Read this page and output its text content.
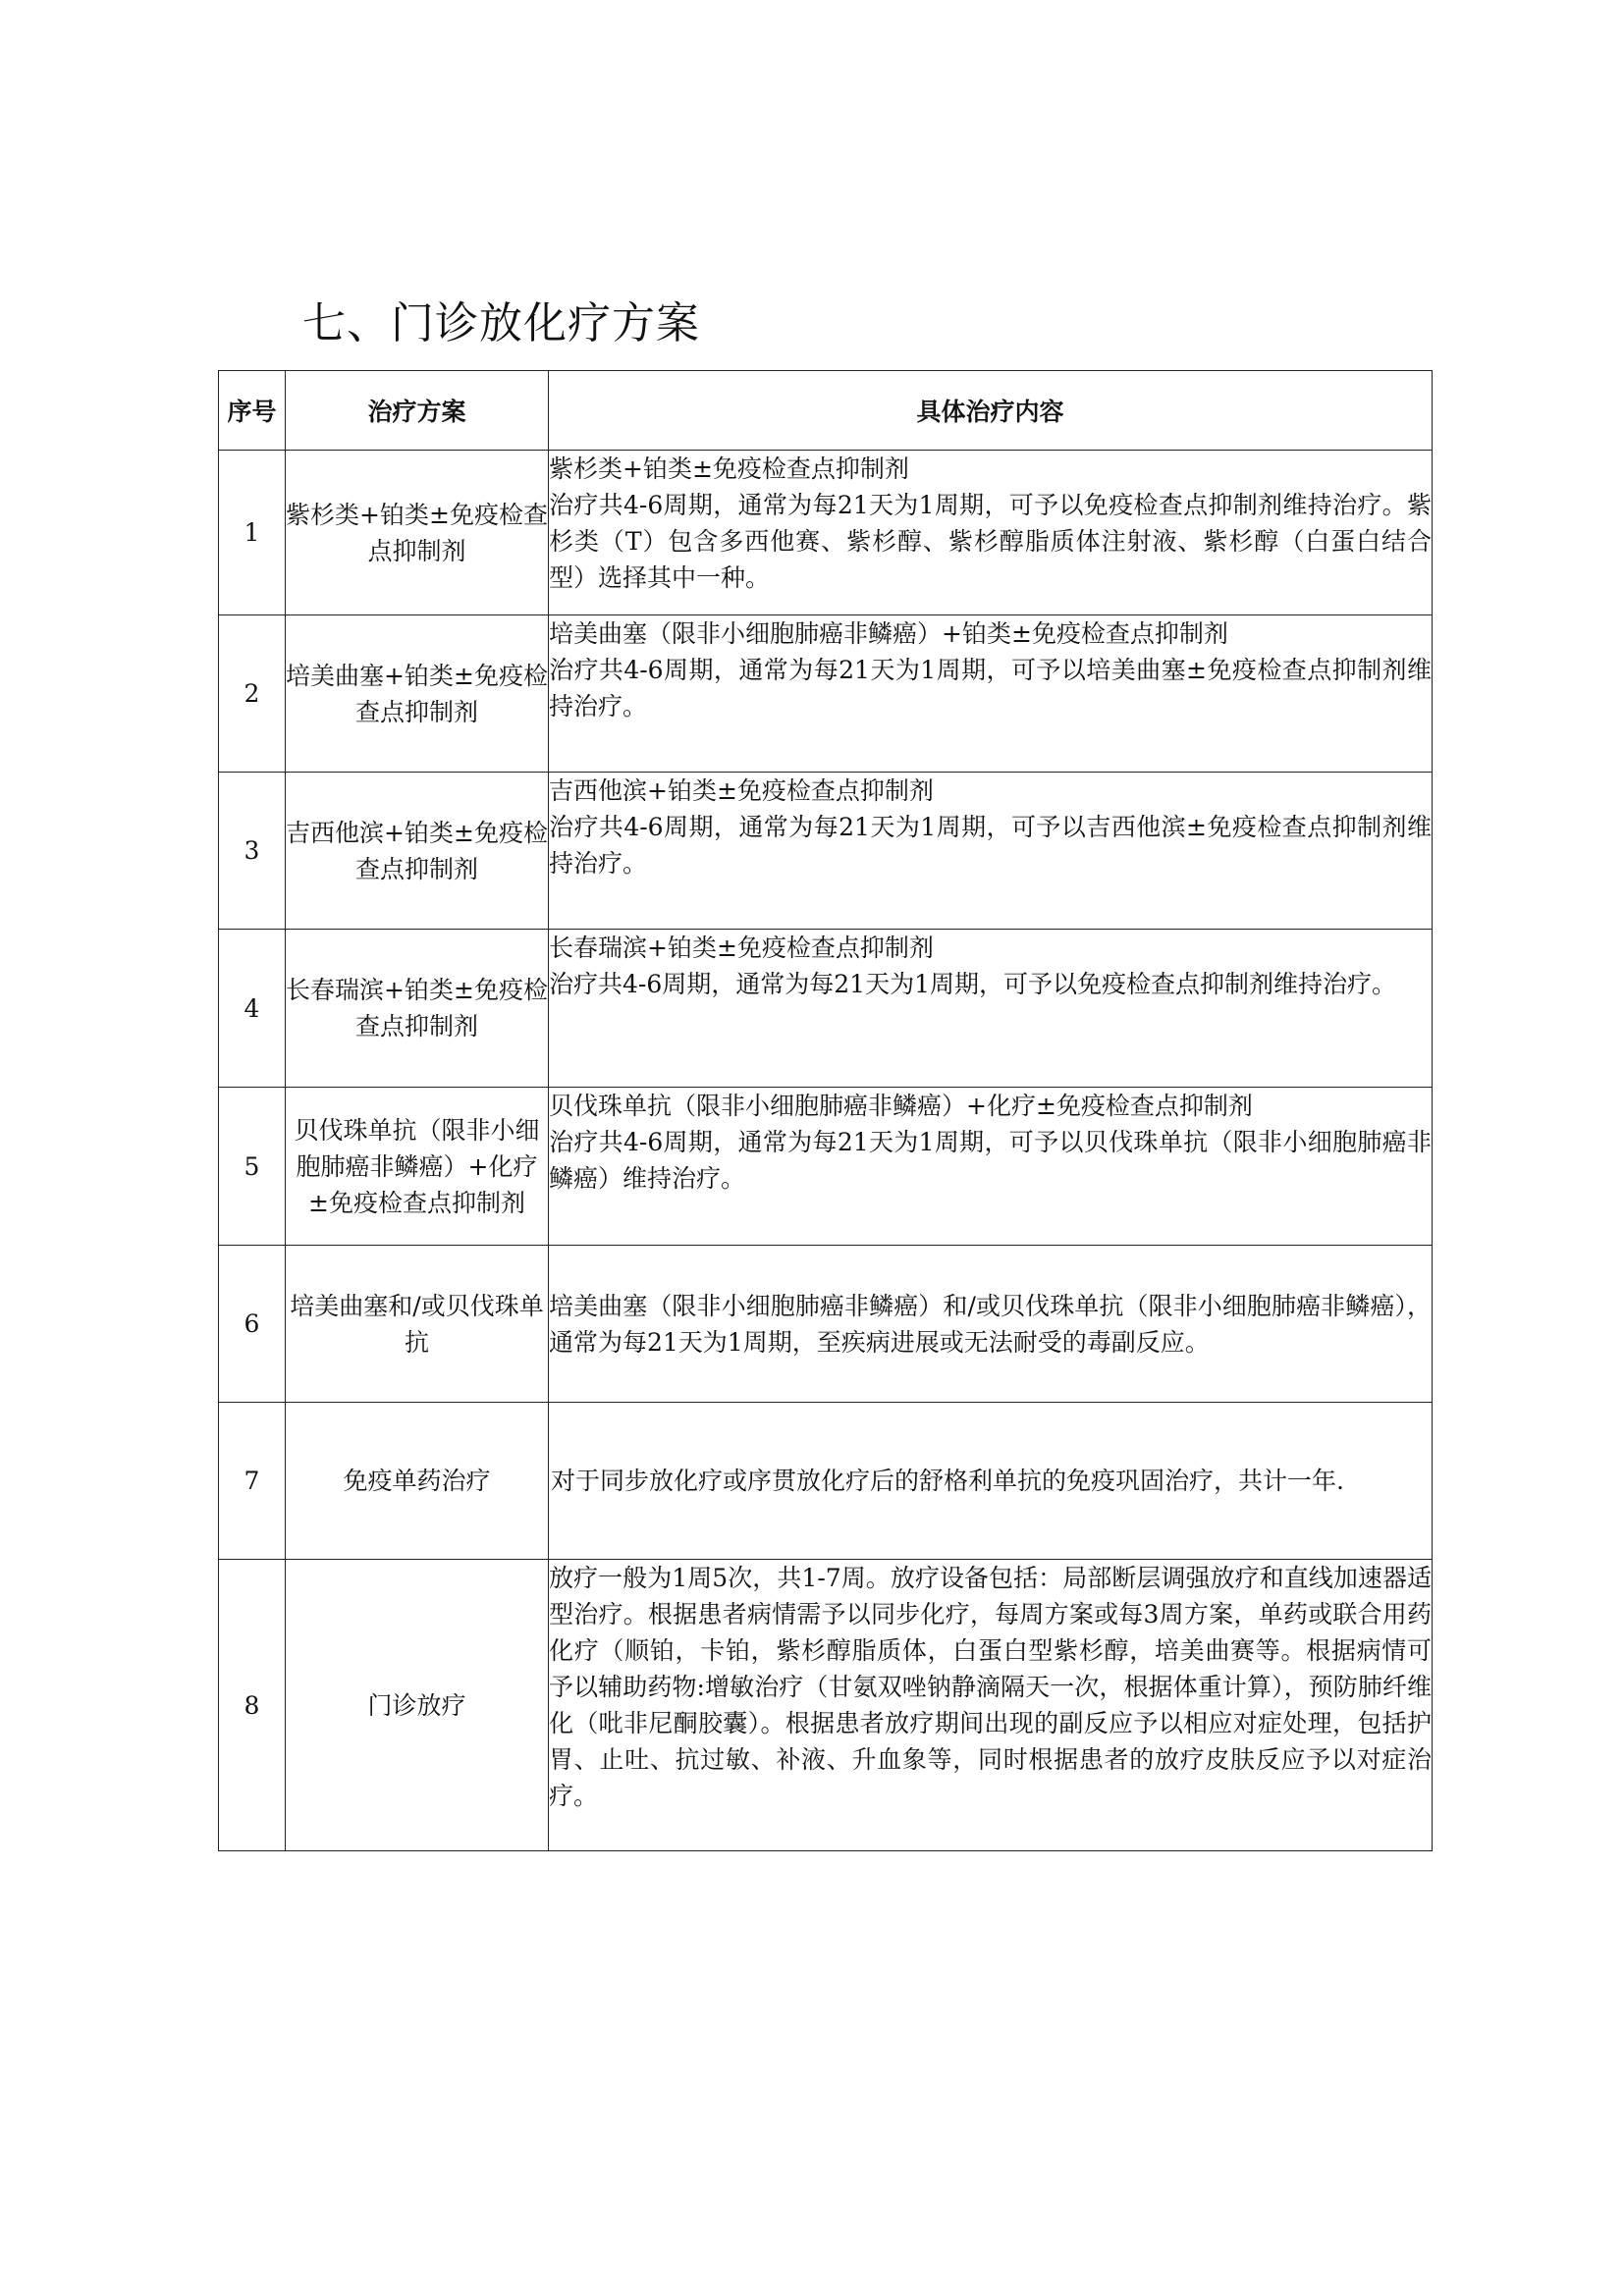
七、门诊放化疗方案
序号	治疗方案	具体治疗内容
1	紫杉类+铂类±免疫检查点抑制剂	紫杉类+铂类±免疫检查点抑制剂
治疗共4-6周期，通常为每21天为1周期，可予以免疫检查点抑制剂维持治疗。紫杉类（T）包含多西他赛、紫杉醇、紫杉醇脂质体注射液、紫杉醇（白蛋白结合型）选择其中一种。

2	培美曲塞+铂类±免疫检查点抑制剂	培美曲塞（限非小细胞肺癌非鳞癌）+铂类±免疫检查点抑制剂
治疗共4-6周期，通常为每21天为1周期，可予以培美曲塞±免疫检查点抑制剂维持治疗。

3	吉西他滨+铂类±免疫检查点抑制剂	吉西他滨+铂类±免疫检查点抑制剂
治疗共4-6周期，通常为每21天为1周期，可予以吉西他滨±免疫检查点抑制剂维持治疗。

4	长春瑞滨+铂类±免疫检查点抑制剂	长春瑞滨+铂类±免疫检查点抑制剂
治疗共4-6周期，通常为每21天为1周期，可予以免疫检查点抑制剂维持治疗。

5	贝伐珠单抗（限非小细胞肺癌非鳞癌）+化疗±免疫检查点抑制剂	贝伐珠单抗（限非小细胞肺癌非鳞癌）+化疗±免疫检查点抑制剂
治疗共4-6周期，通常为每21天为1周期，可予以贝伐珠单抗（限非小细胞肺癌非鳞癌）维持治疗。

6	培美曲塞和/或贝伐珠单抗	培美曲塞（限非小细胞肺癌非鳞癌）和/或贝伐珠单抗（限非小细胞肺癌非鳞癌），通常为每21天为1周期，至疾病进展或无法耐受的毒副反应。

7	免疫单药治疗	对于同步放化疗或序贯放化疗后的舒格利单抗的免疫巩固治疗，共计一年.

8	门诊放疗	放疗一般为1周5次，共1-7周。放疗设备包括：局部断层调强放疗和直线加速器适型治疗。根据患者病情需予以同步化疗，每周方案或每3周方案，单药或联合用药化疗（顺铂，卡铂，紫杉醇脂质体，白蛋白型紫杉醇，培美曲赛等。根据病情可予以辅助药物:增敏治疗（甘氨双唑钠静滴隔天一次，根据体重计算），预防肺纤维化（吡非尼酮胶囊）。根据患者放疗期间出现的副反应予以相应对症处理，包括护胃、止吐、抗过敏、补液、升血象等，同时根据患者的放疗皮肤反应予以对症治疗。
